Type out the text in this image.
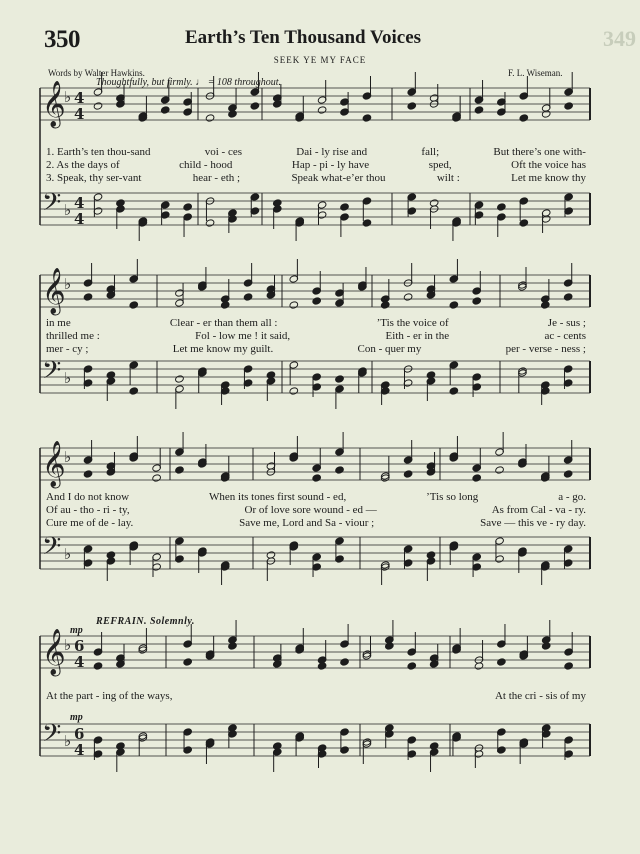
349
350	Earth’s Ten Thousand Voices
SEEK YE MY FACE
Words by Walter Hawkins.	F. L. Wiseman.
Thoughtfully, but firmly. ♩ = 108 throughout.
𝄞
♭ 4
4
𝄢 ♭ 4
4
𝄞
♭
𝄢 ♭
𝄞
♭
𝄢 ♭
𝄞
♭ 6
4
𝄢 ♭ 6
4
1. Earth’s ten thou-sand	voi - ces	Dai - ly rise and	fall;	But there’s one with-
2. As the days of	child - hood	Hap - pi - ly have	sped,	Oft the voice has
3. Speak, thy ser-vant	hear - eth ;	Speak what-e’er thou	wilt :	Let me know thy
in me	Clear - er than them all :	’Tis the voice of	Je - sus ;
thrilled me :	Fol - low me ! it said,	Eith - er in the	ac - cents
mer - cy ;	Let me know my guilt.	Con - quer my	per - verse - ness ;
And I do not know	When its tones first sound - ed,	’Tis so long	a - go.
Of au - tho - ri - ty,	Or of love sore wound - ed —	As from Cal - va - ry.
Cure me of de - lay.	Save me, Lord and Sa - viour ;	Save — this ve - ry day.
REFRAIN. Solemnly.
mp
At the part - ing of the ways,	At the cri - sis of my
mp
